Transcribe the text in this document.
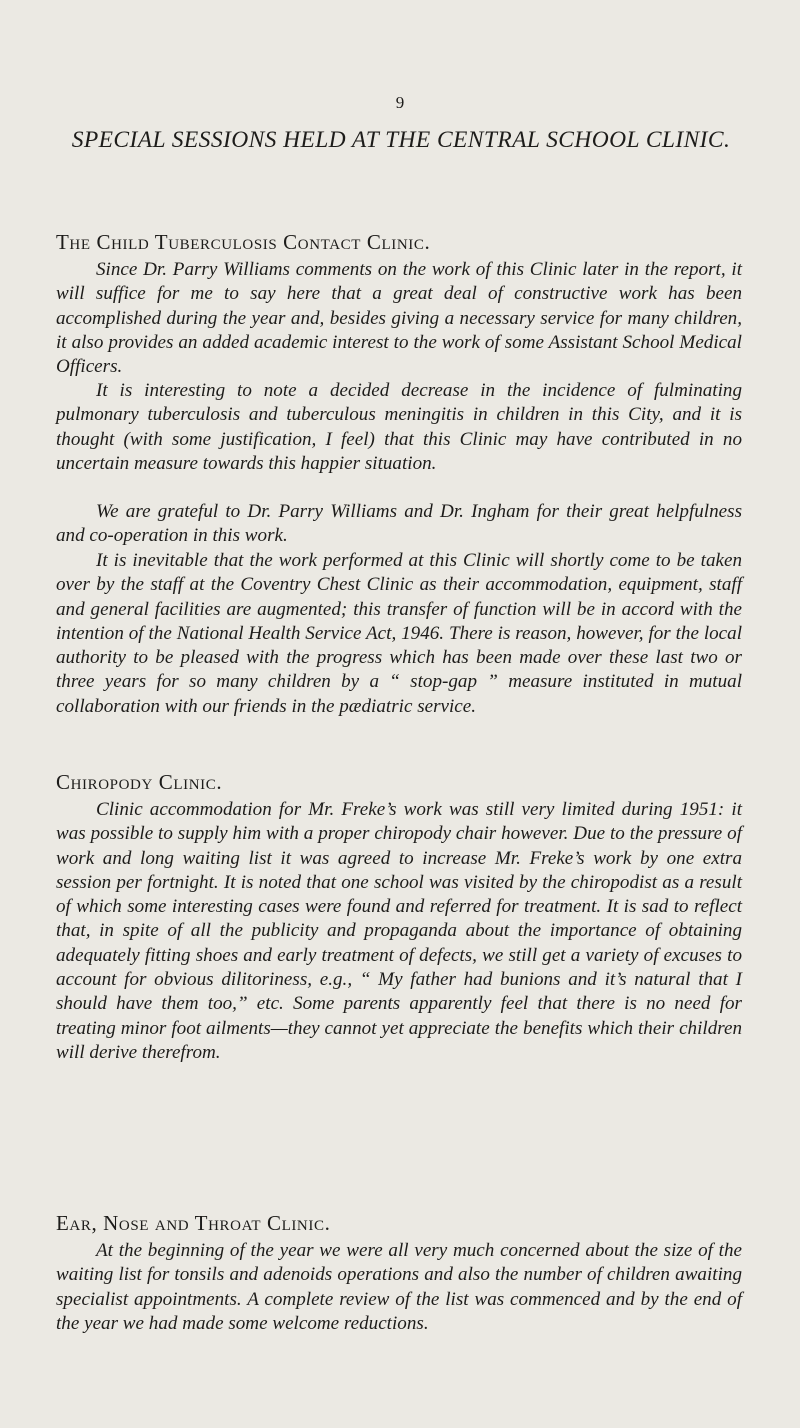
9
SPECIAL SESSIONS HELD AT THE CENTRAL SCHOOL CLINIC.
The Child Tuberculosis Contact Clinic.

Since Dr. Parry Williams comments on the work of this Clinic later in the report, it will suffice for me to say here that a great deal of constructive work has been accomplished during the year and, besides giving a necessary service for many children, it also provides an added academic interest to the work of some Assistant School Medical Officers.

It is interesting to note a decided decrease in the incidence of fulminating pulmonary tuberculosis and tuberculous meningitis in children in this City, and it is thought (with some justification, I feel) that this Clinic may have contributed in no uncertain measure towards this happier situation.

We are grateful to Dr. Parry Williams and Dr. Ingham for their great helpfulness and co-operation in this work.

It is inevitable that the work performed at this Clinic will shortly come to be taken over by the staff at the Coventry Chest Clinic as their accommodation, equipment, staff and general facilities are augmented; this transfer of function will be in accord with the intention of the National Health Service Act, 1946. There is reason, however, for the local authority to be pleased with the progress which has been made over these last two or three years for so many children by a “ stop-gap ” measure instituted in mutual collaboration with our friends in the pædiatric service.

Chiropody Clinic.

Clinic accommodation for Mr. Freke’s work was still very limited during 1951: it was possible to supply him with a proper chiropody chair however. Due to the pressure of work and long waiting list it was agreed to increase Mr. Freke’s work by one extra session per fortnight. It is noted that one school was visited by the chiropodist as a result of which some interesting cases were found and referred for treatment. It is sad to reflect that, in spite of all the publicity and propaganda about the importance of obtaining adequately fitting shoes and early treatment of defects, we still get a variety of excuses to account for obvious dilitoriness, e.g., “ My father had bunions and it’s natural that I should have them too,” etc. Some parents apparently feel that there is no need for treating minor foot ailments—they cannot yet appreciate the benefits which their children will derive therefrom.

Ear, Nose and Throat Clinic.

At the beginning of the year we were all very much concerned about the size of the waiting list for tonsils and adenoids operations and also the number of children awaiting specialist appointments. A complete review of the list was commenced and by the end of the year we had made some welcome reductions.
